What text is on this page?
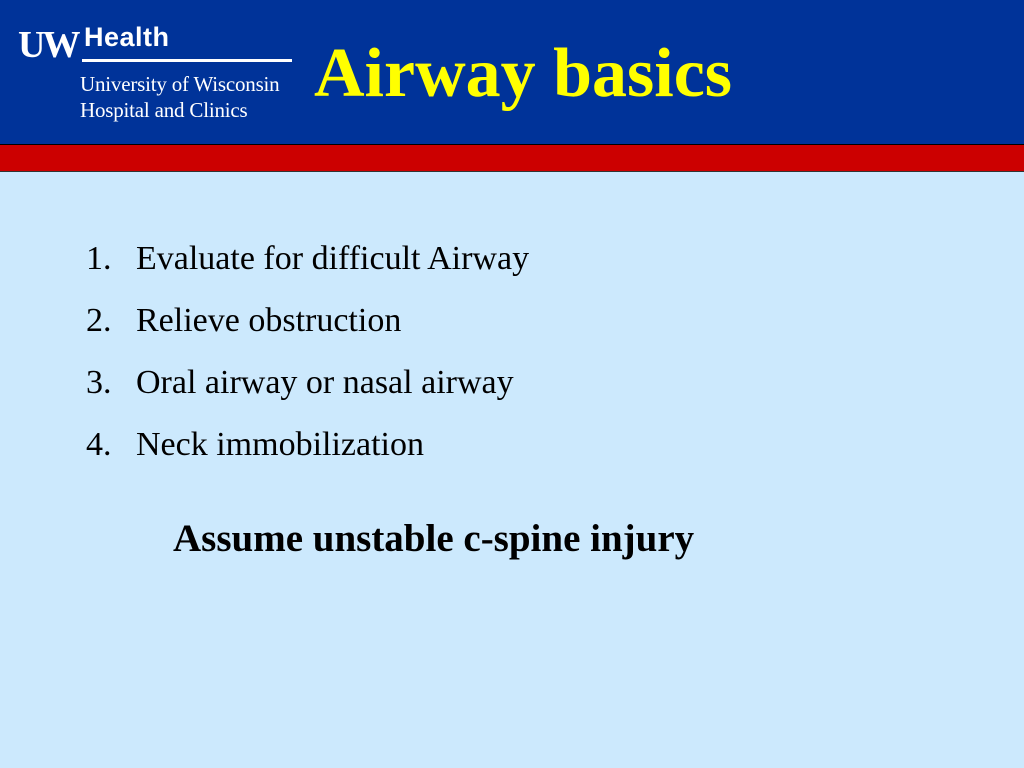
UW Health
University of Wisconsin
Hospital and Clinics Airway basics
1. Evaluate for difficult Airway
2. Relieve obstruction
3. Oral airway or nasal airway
4. Neck immobilization

Assume unstable c-spine injury
